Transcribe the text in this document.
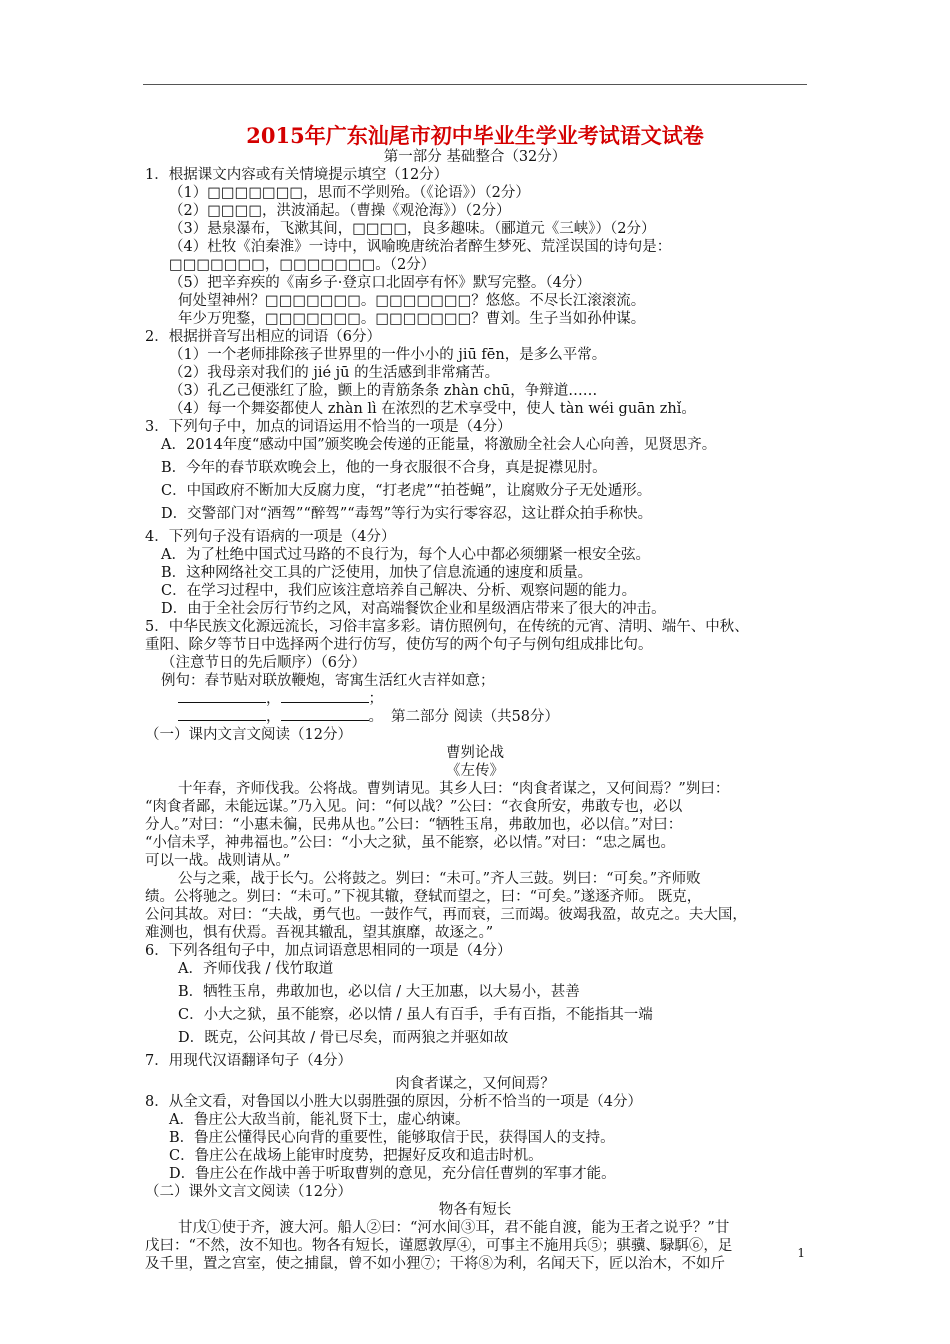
2015年广东汕尾市初中毕业生学业考试语文试卷
第一部分 基础整合（32分）
1．根据课文内容或有关情境提示填空（12分）
（1）□□□□□□□，思而不学则殆。（《论语》）（2分）
（2）□□□□，洪波涌起。（曹操《观沧海》）（2分）
（3）悬泉瀑布，飞漱其间，□□□□，良多趣味。（郦道元《三峡》）（2分）
（4）杜牧《泊秦淮》一诗中，讽喻晚唐统治者醉生梦死、荒淫误国的诗句是：
□□□□□□□，□□□□□□□。（2分）
（5）把辛弃疾的《南乡子·登京口北固亭有怀》默写完整。（4分）
何处望神州？□□□□□□□。□□□□□□□？悠悠。不尽长江滚滚流。
年少万兜鍪，□□□□□□□。□□□□□□□？曹刘。生子当如孙仲谋。
2．根据拼音写出相应的词语（6分）
（1）一个老师排除孩子世界里的一件小小的 jiū fēn，是多么平常。
（2）我母亲对我们的 jié jū 的生活感到非常痛苦。
（3）孔乙己便涨红了脸，颤上的青筋条条 zhàn chū，争辩道……
（4）每一个舞姿都使人 zhàn lì 在浓烈的艺术享受中，使人 tàn wéi guān zhǐ。
3．下列句子中，加点的词语运用不恰当的一项是（4分）
A．2014年度“感动中国”颁奖晚会传递的正能量，将激励全社会人心向善，见贤思齐。
B．今年的春节联欢晚会上，他的一身衣服很不合身，真是捉襟见肘。
C．中国政府不断加大反腐力度，“打老虎”“拍苍蝇”，让腐败分子无处遁形。
D．交警部门对“酒驾”“醉驾”“毒驾”等行为实行零容忍，这让群众拍手称快。
4．下列句子没有语病的一项是（4分）
A．为了杜绝中国式过马路的不良行为，每个人心中都必须绷紧一根安全弦。
B．这种网络社交工具的广泛使用，加快了信息流通的速度和质量。
C．在学习过程中，我们应该注意培养自己解决、分析、观察问题的能力。
D．由于全社会厉行节约之风，对高端餐饮企业和星级酒店带来了很大的冲击。
5．中华民族文化源远流长，习俗丰富多彩。请仿照例句，在传统的元宵、清明、端午、中秋、
重阳、除夕等节日中选择两个进行仿写，使仿写的两个句子与例句组成排比句。
（注意节日的先后顺序）（6分）
例句：春节贴对联放鞭炮，寄寓生活红火吉祥如意；
，	；
，	。 第二部分 阅读（共58分）
（一）课内文言文阅读（12分）
曹刿论战
《左传》
十年春，齐师伐我。公将战。曹刿请见。其乡人曰：“肉食者谋之，又何间焉？”刿曰：
“肉食者鄙，未能远谋。”乃入见。问：“何以战？”公曰：“衣食所安，弗敢专也，必以
分人。”对曰：“小惠未徧，民弗从也。”公曰：“牺牲玉帛，弗敢加也，必以信。”对曰：
“小信未孚，神弗福也。”公曰：“小大之狱，虽不能察，必以情。”对曰：“忠之属也。
可以一战。战则请从。”
公与之乘，战于长勺。公将鼓之。刿曰：“未可。”齐人三鼓。刿曰：“可矣。”齐师败
绩。公将驰之。刿曰：“未可。”下视其辙，登轼而望之，曰：“可矣。”遂逐齐师。 既克，
公问其故。对曰：“夫战，勇气也。一鼓作气，再而衰，三而竭。彼竭我盈，故克之。夫大国，
难测也，惧有伏焉。吾视其辙乱，望其旗靡，故逐之。”
6．下列各组句子中，加点词语意思相同的一项是（4分）
A．齐师伐我 / 伐竹取道
B．牺牲玉帛，弗敢加也，必以信 / 大王加惠，以大易小，甚善
C．小大之狱，虽不能察，必以情 / 虽人有百手，手有百指，不能指其一端
D．既克，公问其故 / 骨已尽矣，而两狼之并驱如故
7．用现代汉语翻译句子（4分）
肉食者谋之，又何间焉？
8．从全文看，对鲁国以小胜大以弱胜强的原因，分析不恰当的一项是（4分）
A．鲁庄公大敌当前，能礼贤下士，虚心纳谏。
B．鲁庄公懂得民心向背的重要性，能够取信于民，获得国人的支持。
C．鲁庄公在战场上能审时度势，把握好反攻和追击时机。
D．鲁庄公在作战中善于听取曹刿的意见，充分信任曹刿的军事才能。
（二）课外文言文阅读（12分）
物各有短长
甘戊①使于齐，渡大河。船人②曰：“河水间③耳，君不能自渡，能为王者之说乎？”甘
戊曰：“不然，汝不知也。物各有短长，谨愿敦厚④，可事主不施用兵⑤；骐骥、騄駬⑥，足
及千里，置之宫室，使之捕鼠，曾不如小狸⑦；干将⑧为利，名闻天下，匠以治木，不如斤
1
